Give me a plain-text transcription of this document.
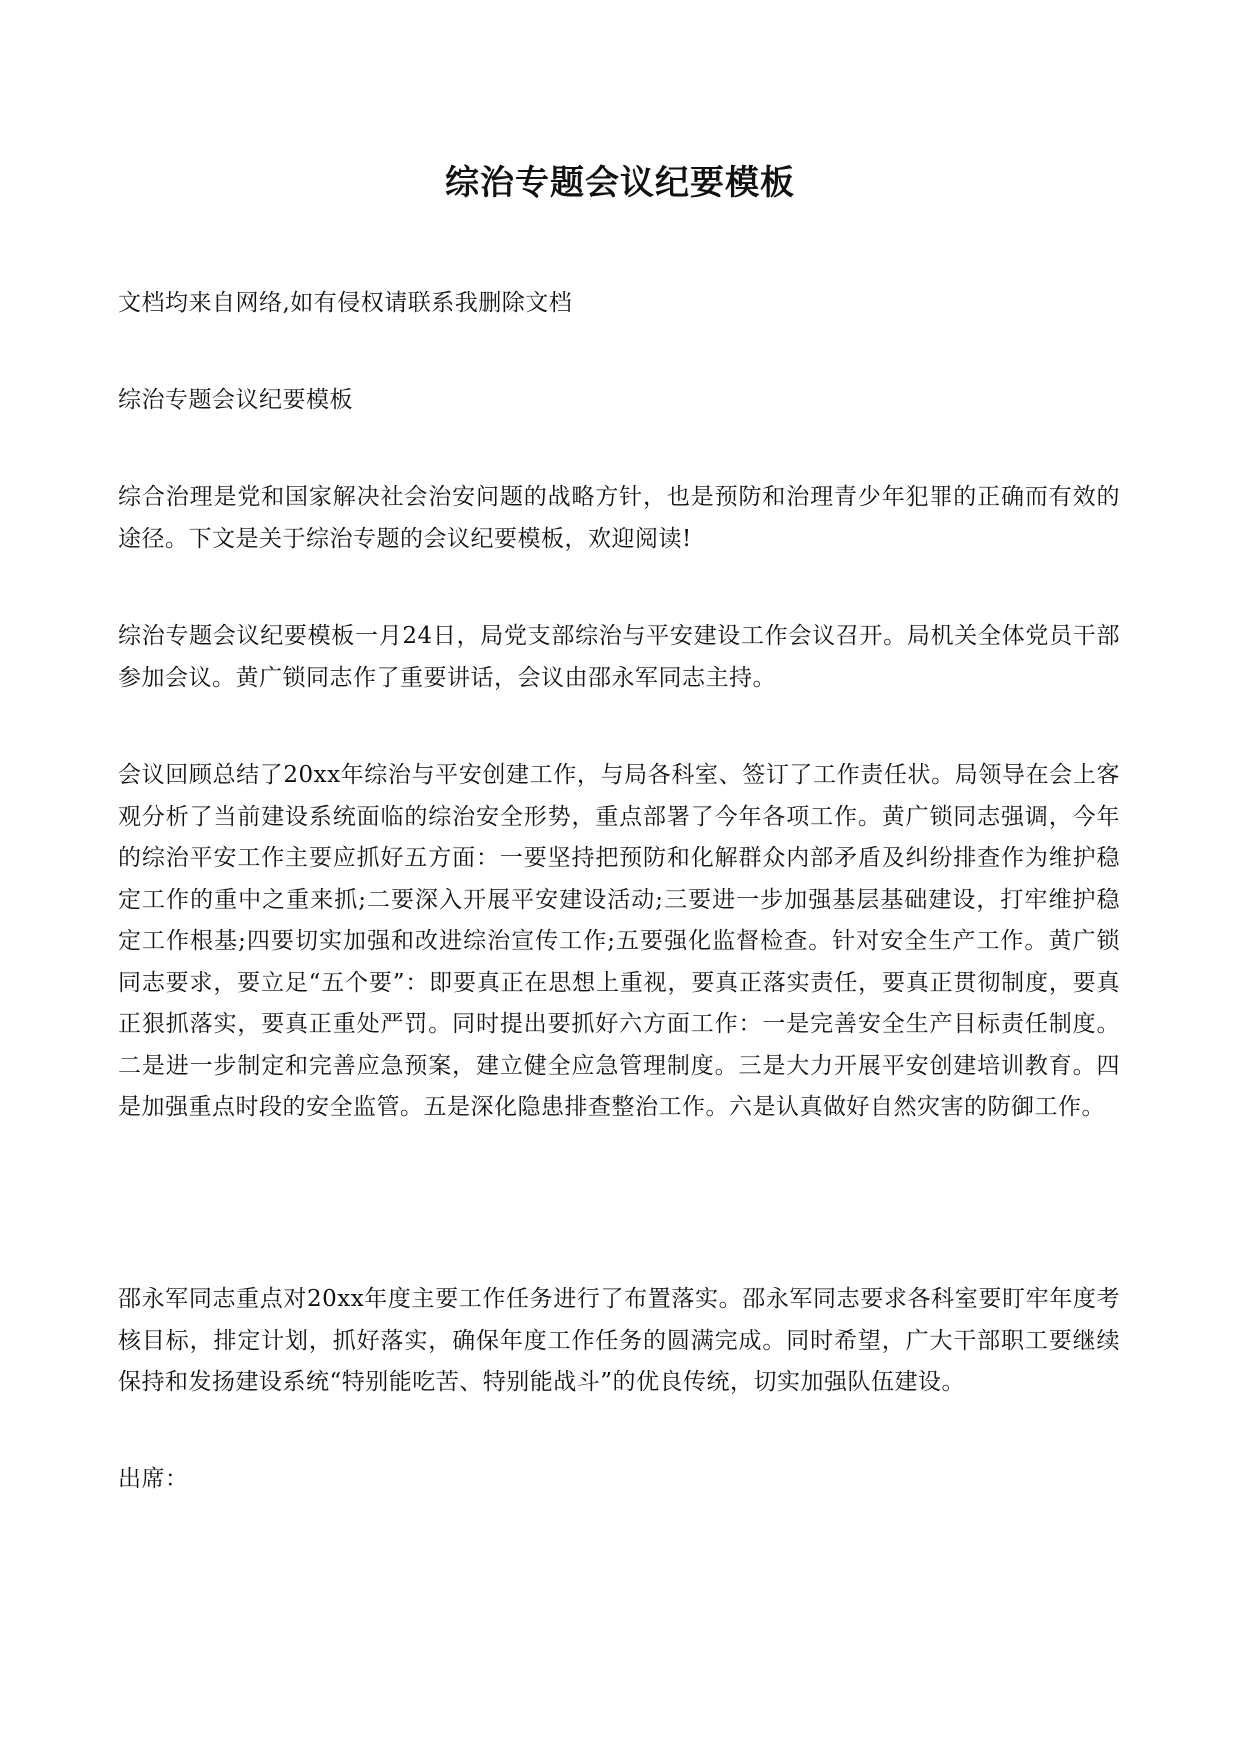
综治专题会议纪要模板

文档均来自网络,如有侵权请联系我删除文档

综治专题会议纪要模板

综合治理是党和国家解决社会治安问题的战略方针，也是预防和治理青少年犯罪的正确而有效的途径。下文是关于综治专题的会议纪要模板，欢迎阅读!

综治专题会议纪要模板一月24日，局党支部综治与平安建设工作会议召开。局机关全体党员干部参加会议。黄广锁同志作了重要讲话，会议由邵永军同志主持。

会议回顾总结了20xx年综治与平安创建工作，与局各科室、签订了工作责任状。局领导在会上客观分析了当前建设系统面临的综治安全形势，重点部署了今年各项工作。黄广锁同志强调，今年的综治平安工作主要应抓好五方面：一要坚持把预防和化解群众内部矛盾及纠纷排查作为维护稳定工作的重中之重来抓;二要深入开展平安建设活动;三要进一步加强基层基础建设，打牢维护稳定工作根基;四要切实加强和改进综治宣传工作;五要强化监督检查。针对安全生产工作。黄广锁同志要求，要立足“五个要”：即要真正在思想上重视，要真正落实责任，要真正贯彻制度，要真正狠抓落实，要真正重处严罚。同时提出要抓好六方面工作：一是完善安全生产目标责任制度。二是进一步制定和完善应急预案，建立健全应急管理制度。三是大力开展平安创建培训教育。四是加强重点时段的安全监管。五是深化隐患排查整治工作。六是认真做好自然灾害的防御工作。

邵永军同志重点对20xx年度主要工作任务进行了布置落实。邵永军同志要求各科室要盯牢年度考核目标，排定计划，抓好落实，确保年度工作任务的圆满完成。同时希望，广大干部职工要继续保持和发扬建设系统“特别能吃苦、特别能战斗”的优良传统，切实加强队伍建设。

出席：
